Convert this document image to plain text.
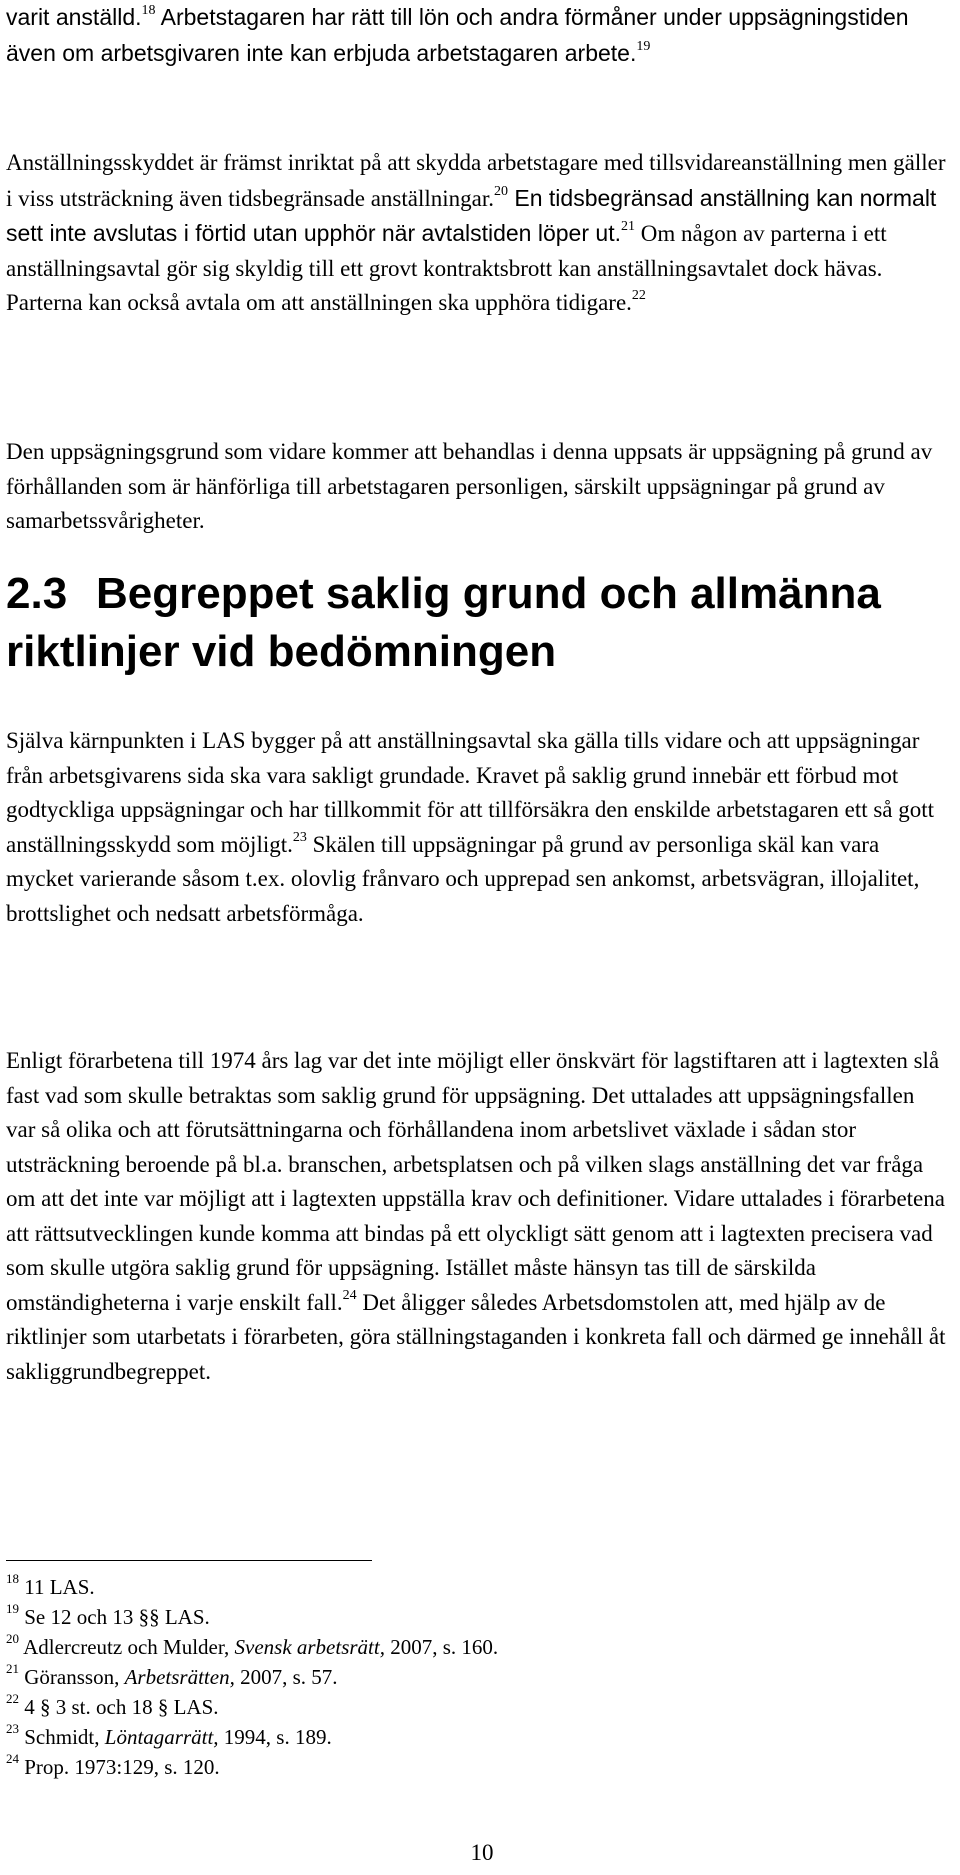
varit anställd.$^{18}$ Arbetstagaren har rätt till lön och andra förmåner under uppsägningstiden även om arbetsgivaren inte kan erbjuda arbetstagaren arbete.$^{19}$

Anställningsskyddet är främst inriktat på att skydda arbetstagare med tillsvidareanställning men gäller i viss utsträckning även tidsbegränsade anställningar.$^{20}$ En tidsbegränsad anställning kan normalt sett inte avslutas i förtid utan upphör när avtalstiden löper ut.$^{21}$ Om någon av parterna i ett anställningsavtal gör sig skyldig till ett grovt kontraktsbrott kan anställningsavtalet dock hävas. Parterna kan också avtala om att anställningen ska upphöra tidigare.$^{22}$

Den uppsägningsgrund som vidare kommer att behandlas i denna uppsats är uppsägning på grund av förhållanden som är hänförliga till arbetstagaren personligen, särskilt uppsägningar på grund av samarbetssvårigheter.

2.3 Begreppet saklig grund och allmänna riktlinjer vid bedömningen

Själva kärnpunkten i LAS bygger på att anställningsavtal ska gälla tills vidare och att uppsägningar från arbetsgivarens sida ska vara sakligt grundade. Kravet på saklig grund innebär ett förbud mot godtyckliga uppsägningar och har tillkommit för att tillförsäkra den enskilde arbetstagaren ett så gott anställningsskydd som möjligt.$^{23}$ Skälen till uppsägningar på grund av personliga skäl kan vara mycket varierande såsom t.ex. olovlig frånvaro och upprepad sen ankomst, arbetsvägran, illojalitet, brottslighet och nedsatt arbetsförmåga.

Enligt förarbetena till 1974 års lag var det inte möjligt eller önskvärt för lagstiftaren att i lagtexten slå fast vad som skulle betraktas som saklig grund för uppsägning. Det uttalades att uppsägningsfallen var så olika och att förutsättningarna och förhållandena inom arbetslivet växlade i sådan stor utsträckning beroende på bl.a. branschen, arbetsplatsen och på vilken slags anställning det var fråga om att det inte var möjligt att i lagtexten uppställa krav och definitioner. Vidare uttalades i förarbetena att rättsutvecklingen kunde komma att bindas på ett olyckligt sätt genom att i lagtexten precisera vad som skulle utgöra saklig grund för uppsägning. Istället måste hänsyn tas till de särskilda omständigheterna i varje enskilt fall.$^{24}$ Det åligger således Arbetsdomstolen att, med hjälp av de riktlinjer som utarbetats i förarbeten, göra ställningstaganden i konkreta fall och därmed ge innehåll åt sakliggrundbegreppet.

$^{18}$ 11 LAS.

$^{19}$ Se 12 och 13 §§ LAS.

$^{20}$ Adlercreutz och Mulder, Svensk arbetsrätt, 2007, s. 160.

$^{21}$ Göransson, Arbetsrätten, 2007, s. 57.

$^{22}$ 4 § 3 st. och 18 § LAS.

$^{23}$ Schmidt, Löntagarrätt, 1994, s. 189.

$^{24}$ Prop. 1973:129, s. 120.

10
